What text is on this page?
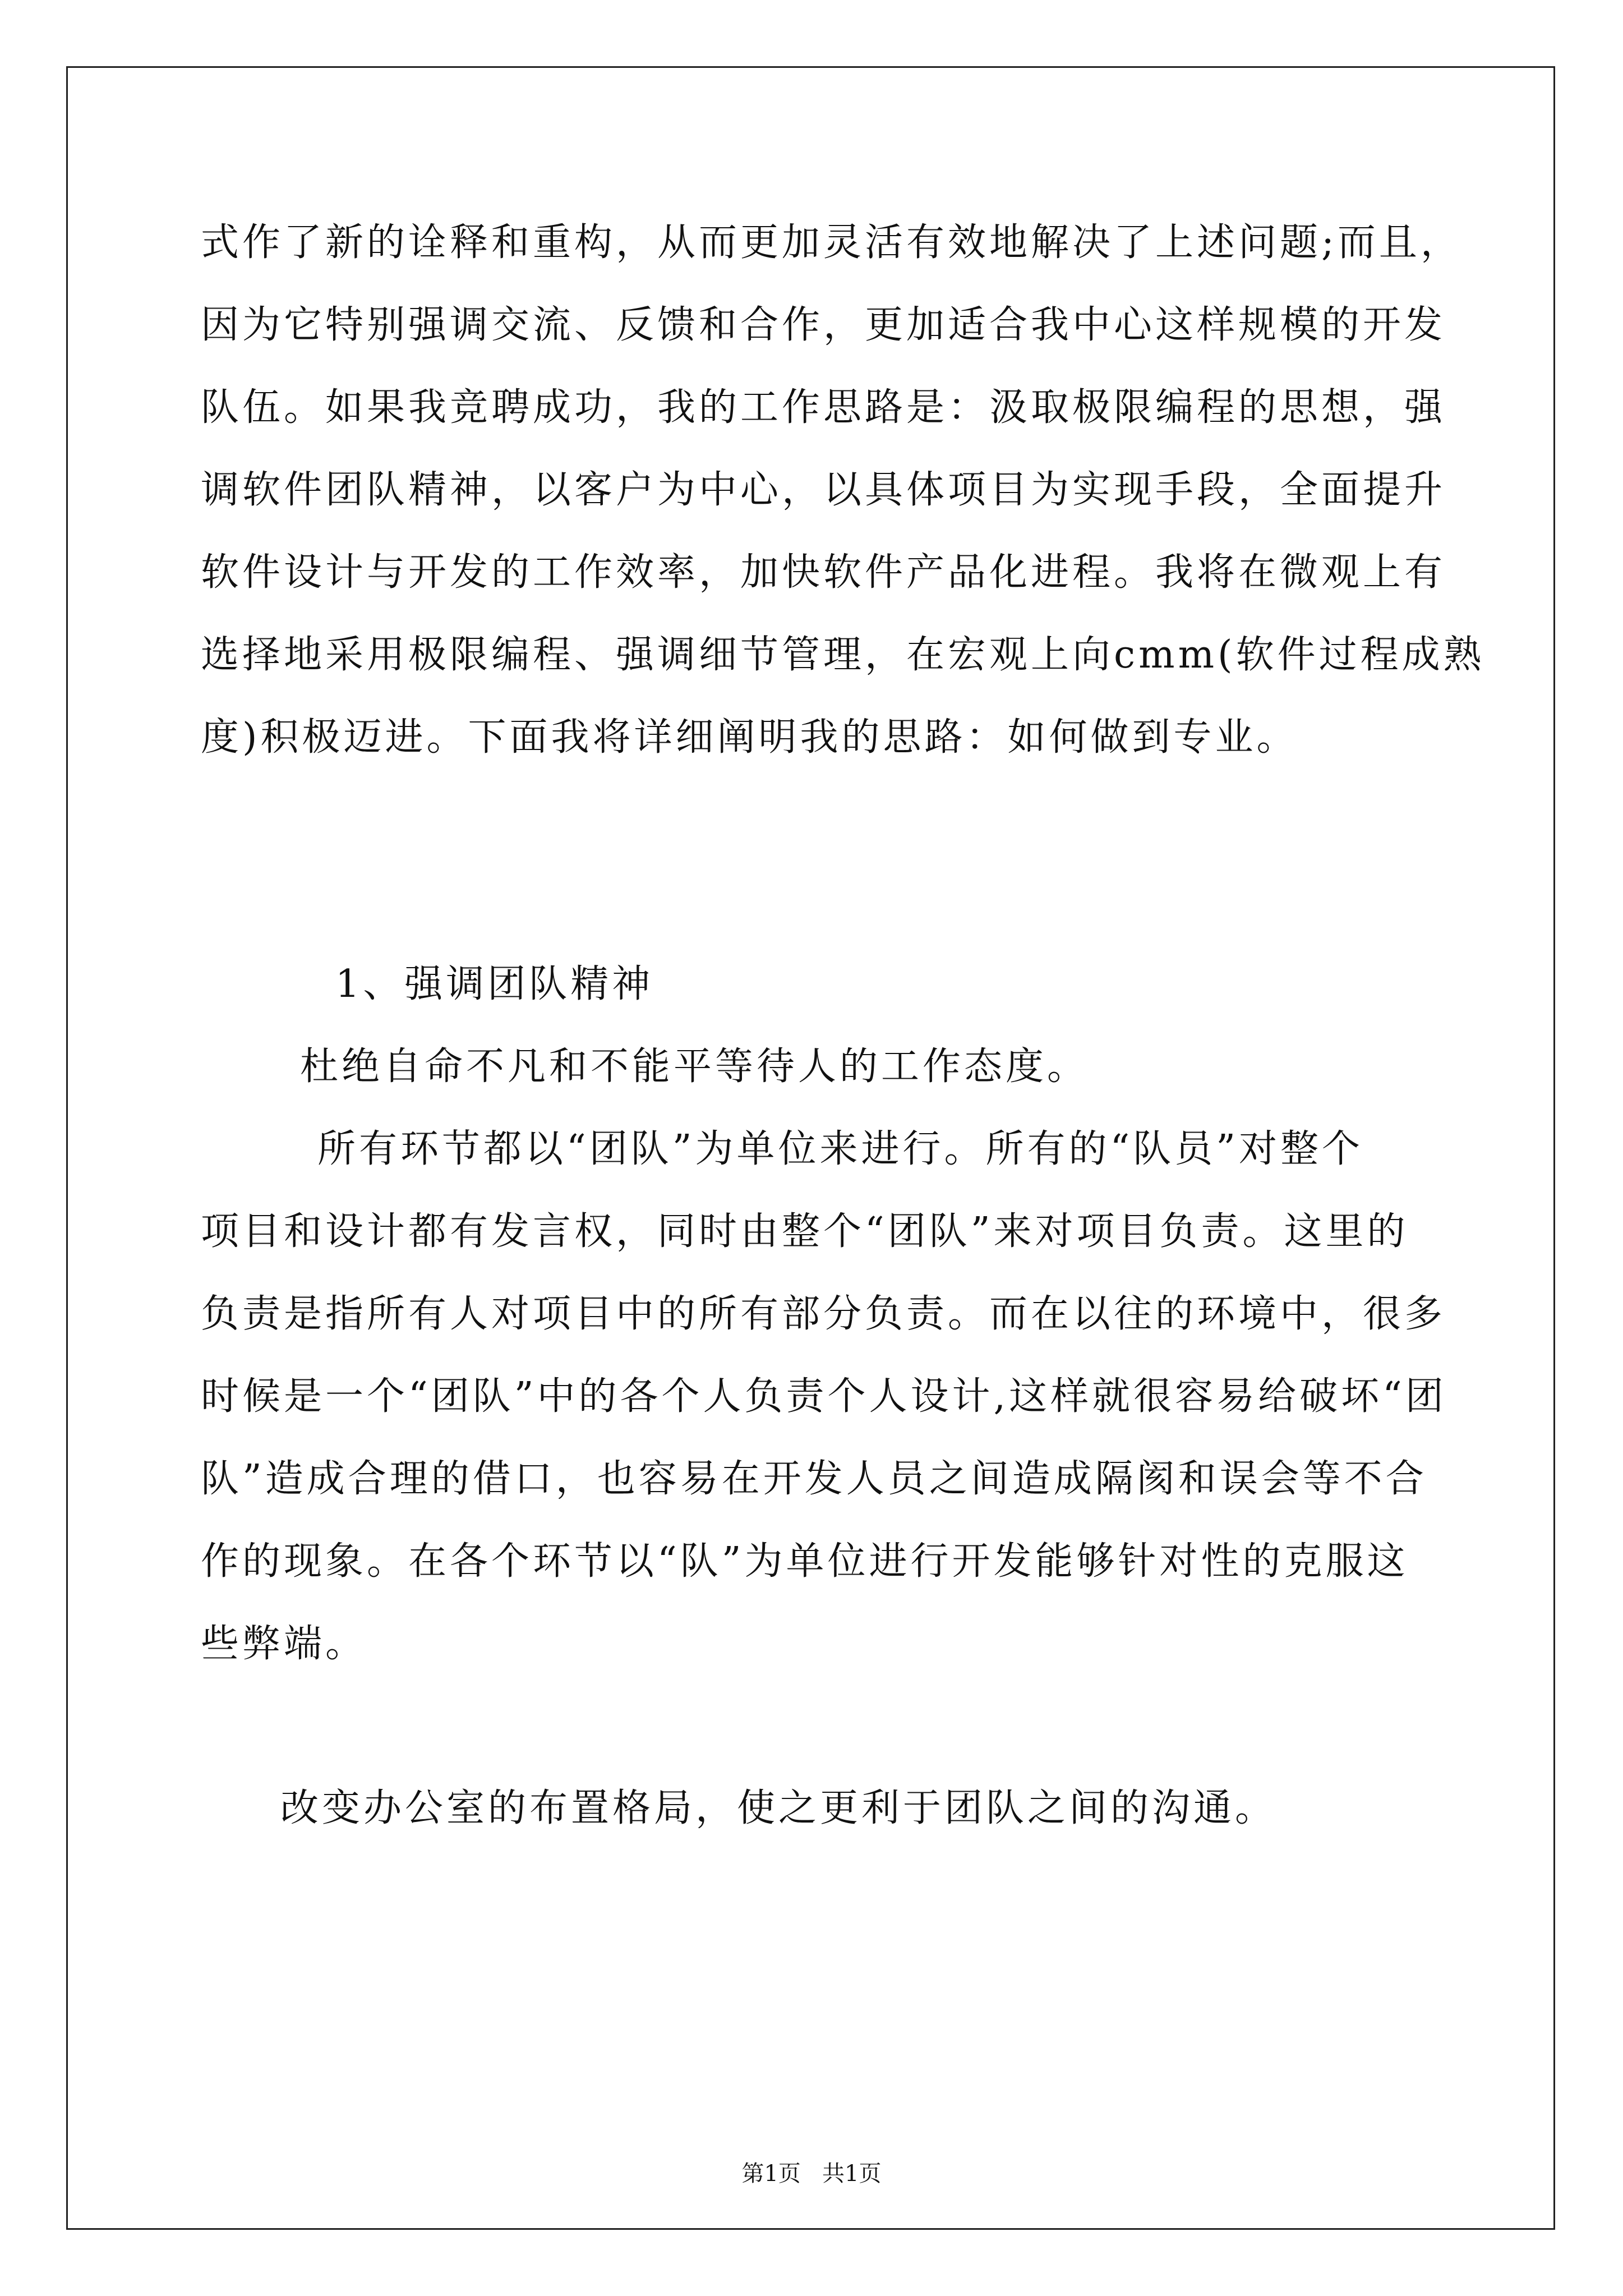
式作了新的诠释和重构，从而更加灵活有效地解决了上述问题;而且，
因为它特别强调交流、反馈和合作，更加适合我中心这样规模的开发
队伍。如果我竞聘成功，我的工作思路是：汲取极限编程的思想，强
调软件团队精神，以客户为中心，以具体项目为实现手段，全面提升
软件设计与开发的工作效率，加快软件产品化进程。我将在微观上有
选择地采用极限编程、强调细节管理，在宏观上向cmm(软件过程成熟
度)积极迈进。下面我将详细阐明我的思路：如何做到专业。
1、强调团队精神
杜绝自命不凡和不能平等待人的工作态度。
所有环节都以“团队”为单位来进行。所有的“队员”对整个
项目和设计都有发言权，同时由整个“团队”来对项目负责。这里的
负责是指所有人对项目中的所有部分负责。而在以往的环境中，很多
时候是一个“团队”中的各个人负责个人设计,这样就很容易给破坏“团
队”造成合理的借口，也容易在开发人员之间造成隔阂和误会等不合
作的现象。在各个环节以“队”为单位进行开发能够针对性的克服这
些弊端。
改变办公室的布置格局，使之更利于团队之间的沟通。
第1页   共1页
